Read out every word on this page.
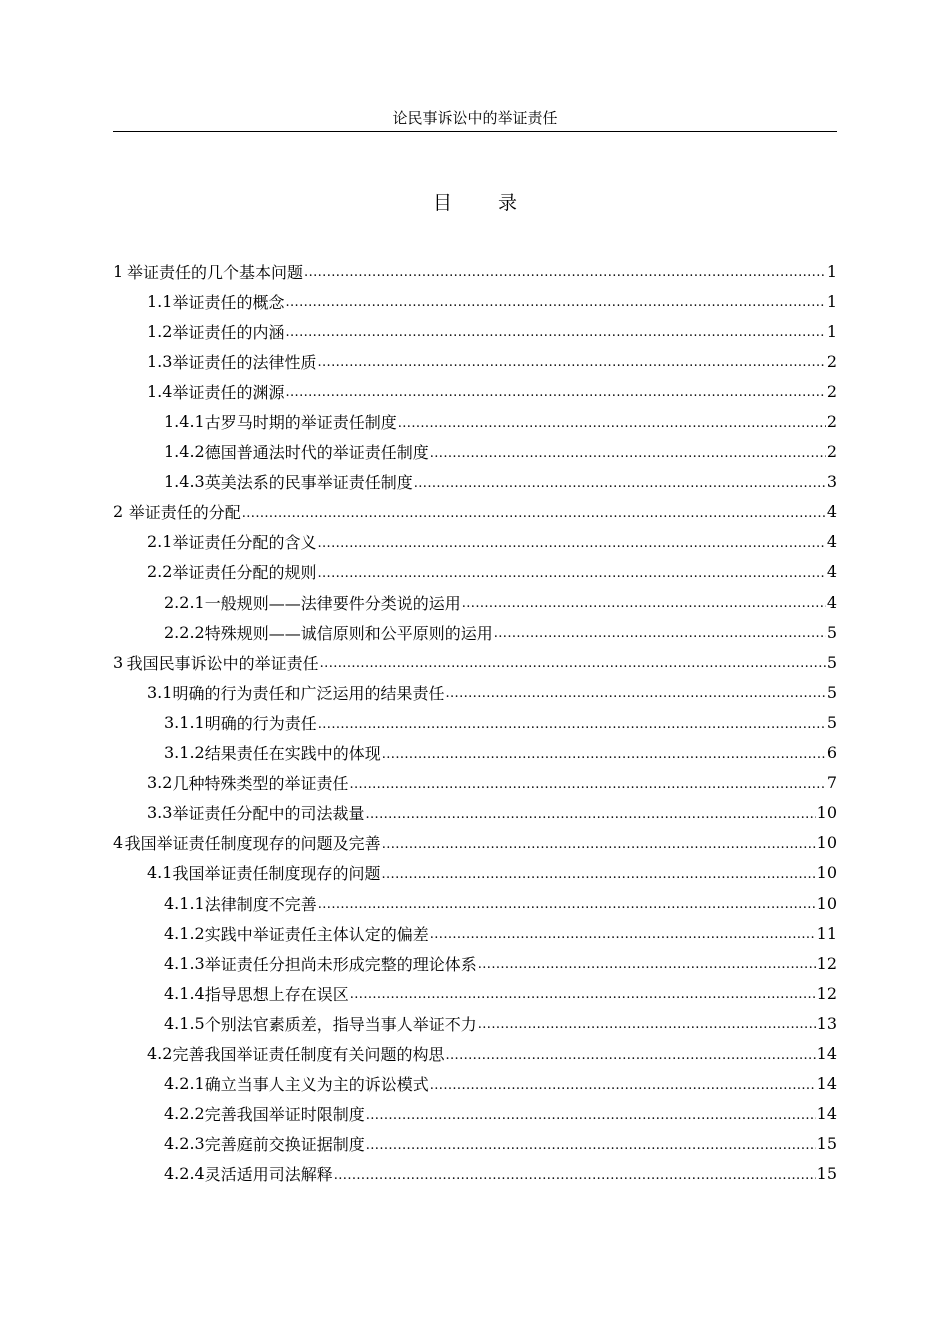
论民事诉讼中的举证责任
目 录
1 举证责任的几个基本问题 .....	1
1.1 举证责任的概念 .....	1
1.2 举证责任的内涵 .....	1
1.3 举证责任的法律性质 .....	2
1.4 举证责任的渊源 .....	2
1.4.1 古罗马时期的举证责任制度 .....	2
1.4.2 德国普通法时代的举证责任制度 .....	2
1.4.3 英美法系的民事举证责任制度 .....	3
2 举证责任的分配 .....	4
2.1 举证责任分配的含义 .....	4
2.2 举证责任分配的规则 .....	4
2.2.1 一般规则——法律要件分类说的运用 .....	4
2.2.2 特殊规则——诚信原则和公平原则的运用 .....	5
3 我国民事诉讼中的举证责任 .....	5
3.1 明确的行为责任和广泛运用的结果责任 .....	5
3.1.1 明确的行为责任 .....	5
3.1.2 结果责任在实践中的体现 .....	6
3.2 几种特殊类型的举证责任 .....	7
3.3 举证责任分配中的司法裁量 .....	10
4 我国举证责任制度现存的问题及完善 .....	10
4.1 我国举证责任制度现存的问题 .....	10
4.1.1 法律制度不完善 .....	10
4.1.2 实践中举证责任主体认定的偏差 .....	11
4.1.3 举证责任分担尚未形成完整的理论体系 .....	12
4.1.4 指导思想上存在误区 .....	12
4.1.5 个别法官素质差，指导当事人举证不力 .....	13
4.2 完善我国举证责任制度有关问题的构思 .....	14
4.2.1 确立当事人主义为主的诉讼模式 .....	14
4.2.2 完善我国举证时限制度 .....	14
4.2.3 完善庭前交换证据制度 .....	15
4.2.4 灵活适用司法解释 .....	15
